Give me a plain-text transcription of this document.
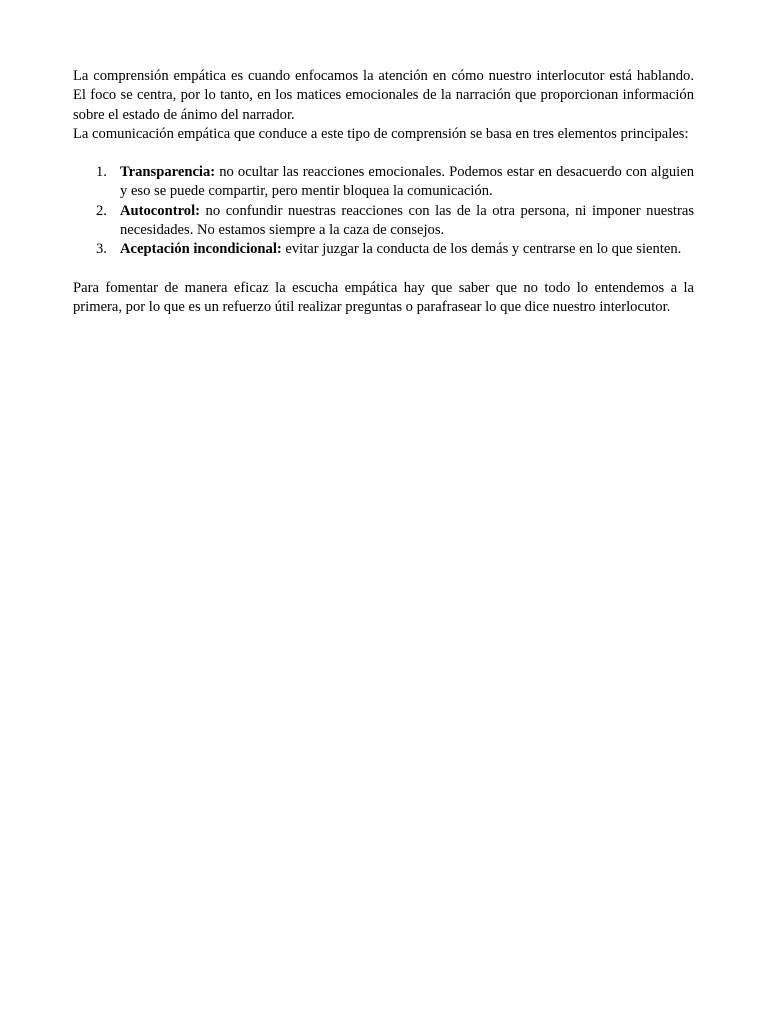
La comprensión empática es cuando enfocamos la atención en cómo nuestro interlocutor está hablando. El foco se centra, por lo tanto, en los matices emocionales de la narración que proporcionan información sobre el estado de ánimo del narrador.

La comunicación empática que conduce a este tipo de comprensión se basa en tres elementos principales:

1. Transparencia: no ocultar las reacciones emocionales. Podemos estar en desacuerdo con alguien y eso se puede compartir, pero mentir bloquea la comunicación.
2. Autocontrol: no confundir nuestras reacciones con las de la otra persona, ni imponer nuestras necesidades. No estamos siempre a la caza de consejos.
3. Aceptación incondicional: evitar juzgar la conducta de los demás y centrarse en lo que sienten.

Para fomentar de manera eficaz la escucha empática hay que saber que no todo lo entendemos a la primera, por lo que es un refuerzo útil realizar preguntas o parafrasear lo que dice nuestro interlocutor.
